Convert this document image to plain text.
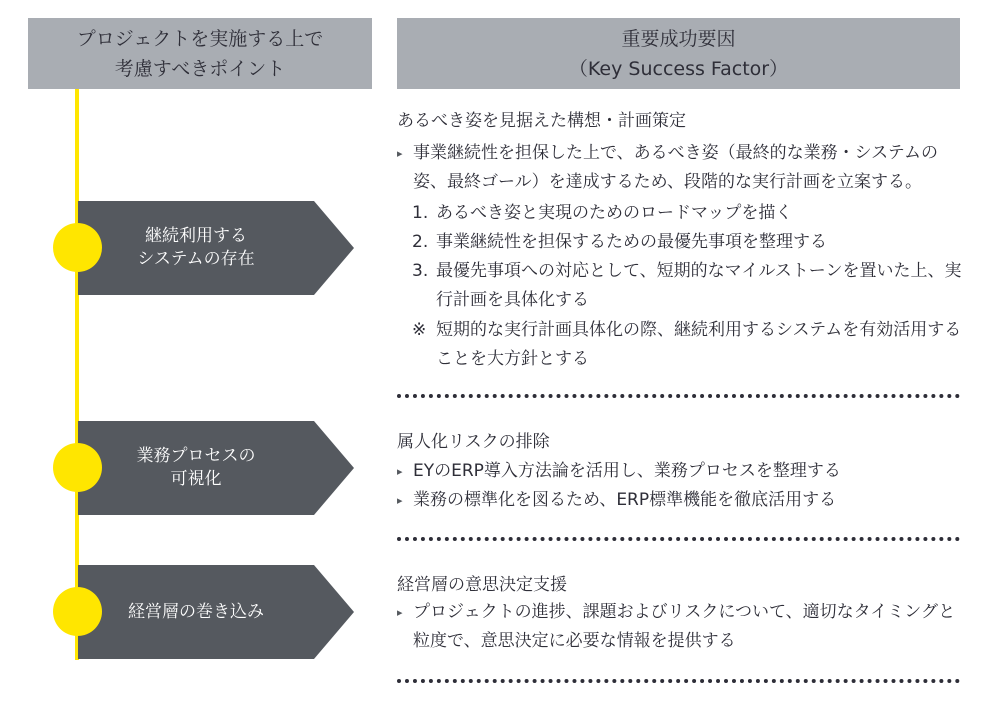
プロジェクトを実施する上で
考慮すべきポイント
重要成功要因
（Key Success Factor）
継続利用する
システムの存在
業務プロセスの
可視化
経営層の巻き込み
あるべき姿を見据えた構想・計画策定
▸ 事業継続性を担保した上で、あるべき姿（最終的な業務・システムの姿、最終ゴール）を達成するため、段階的な実行計画を立案する。
1. あるべき姿と実現のためのロードマップを描く
2. 事業継続性を担保するための最優先事項を整理する
3. 最優先事項への対応として、短期的なマイルストーンを置いた上、実行計画を具体化する
※ 短期的な実行計画具体化の際、継続利用するシステムを有効活用することを大方針とする
属人化リスクの排除
▸ EYのERP導入方法論を活用し、業務プロセスを整理する
▸ 業務の標準化を図るため、ERP標準機能を徹底活用する
経営層の意思決定支援
▸ プロジェクトの進捗、課題およびリスクについて、適切なタイミングと粒度で、意思決定に必要な情報を提供する
